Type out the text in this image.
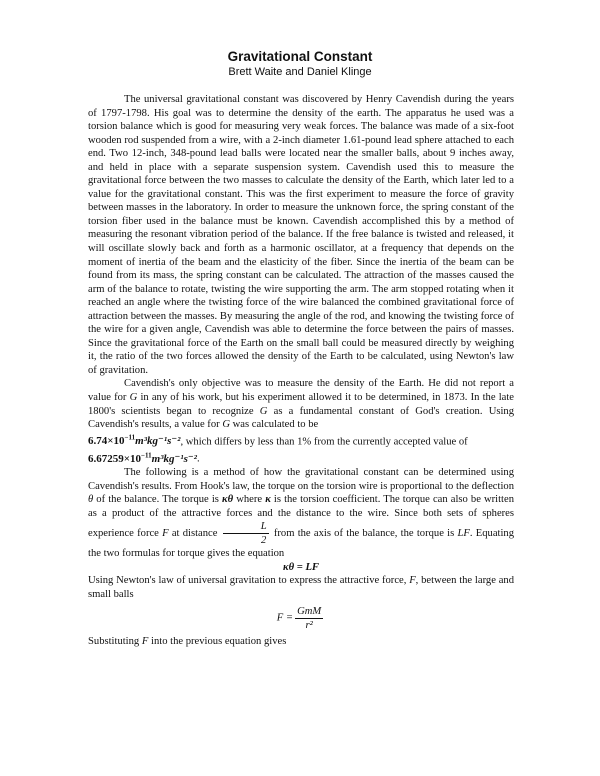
Gravitational Constant
Brett Waite and Daniel Klinge

The universal gravitational constant was discovered by Henry Cavendish during the years of 1797-1798. His goal was to determine the density of the earth. The apparatus he used was a torsion balance which is good for measuring very weak forces. The balance was made of a six-foot wooden rod suspended from a wire, with a 2-inch diameter 1.61-pound lead sphere attached to each end. Two 12-inch, 348-pound lead balls were located near the smaller balls, about 9 inches away, and held in place with a separate suspension system. Cavendish used this to measure the gravitational force between the two masses to calculate the density of the Earth, which later led to a value for the gravitational constant. This was the first experiment to measure the force of gravity between masses in the laboratory. In order to measure the unknown force, the spring constant of the torsion fiber used in the balance must be known. Cavendish accomplished this by a method of measuring the resonant vibration period of the balance. If the free balance is twisted and released, it will oscillate slowly back and forth as a harmonic oscillator, at a frequency that depends on the moment of inertia of the beam and the elasticity of the fiber. Since the inertia of the beam can be found from its mass, the spring constant can be calculated. The attraction of the masses caused the arm of the balance to rotate, twisting the wire supporting the arm. The arm stopped rotating when it reached an angle where the twisting force of the wire balanced the combined gravitational force of attraction between the masses. By measuring the angle of the rod, and knowing the twisting force of the wire for a given angle, Cavendish was able to determine the force between the pairs of masses. Since the gravitational force of the Earth on the small ball could be measured directly by weighing it, the ratio of the two forces allowed the density of the Earth to be calculated, using Newton's law of gravitation.

Cavendish's only objective was to measure the density of the Earth. He did not report a value for G in any of his work, but his experiment allowed it to be determined, in 1873. In the late 1800's scientists began to recognize G as a fundamental constant of God's creation. Using Cavendish's results, a value for G was calculated to be
$6.74\times 10^{-11}m^3kg^{-1}s^{-2}$, which differs by less than 1% from the currently accepted value of
$6.67259\times 10^{-11}m^3kg^{-1}s^{-2}$.

The following is a method of how the gravitational constant can be determined using Cavendish's results. From Hook's law, the torque on the torsion wire is proportional to the deflection θ of the balance. The torque is κθ where κ is the torsion coefficient. The torque can also be written as a product of the attractive forces and the distance to the wire. Since both sets of spheres experience force F at distance $\frac{L}{2}$ from the axis of the balance, the torque is LF. Equating the two formulas for torque gives the equation

κθ = LF

Using Newton's law of universal gravitation to express the attractive force, F, between the large and small balls

$F = \frac{\text{GmM}}{\text{r²}}$

Substituting F into the previous equation gives
